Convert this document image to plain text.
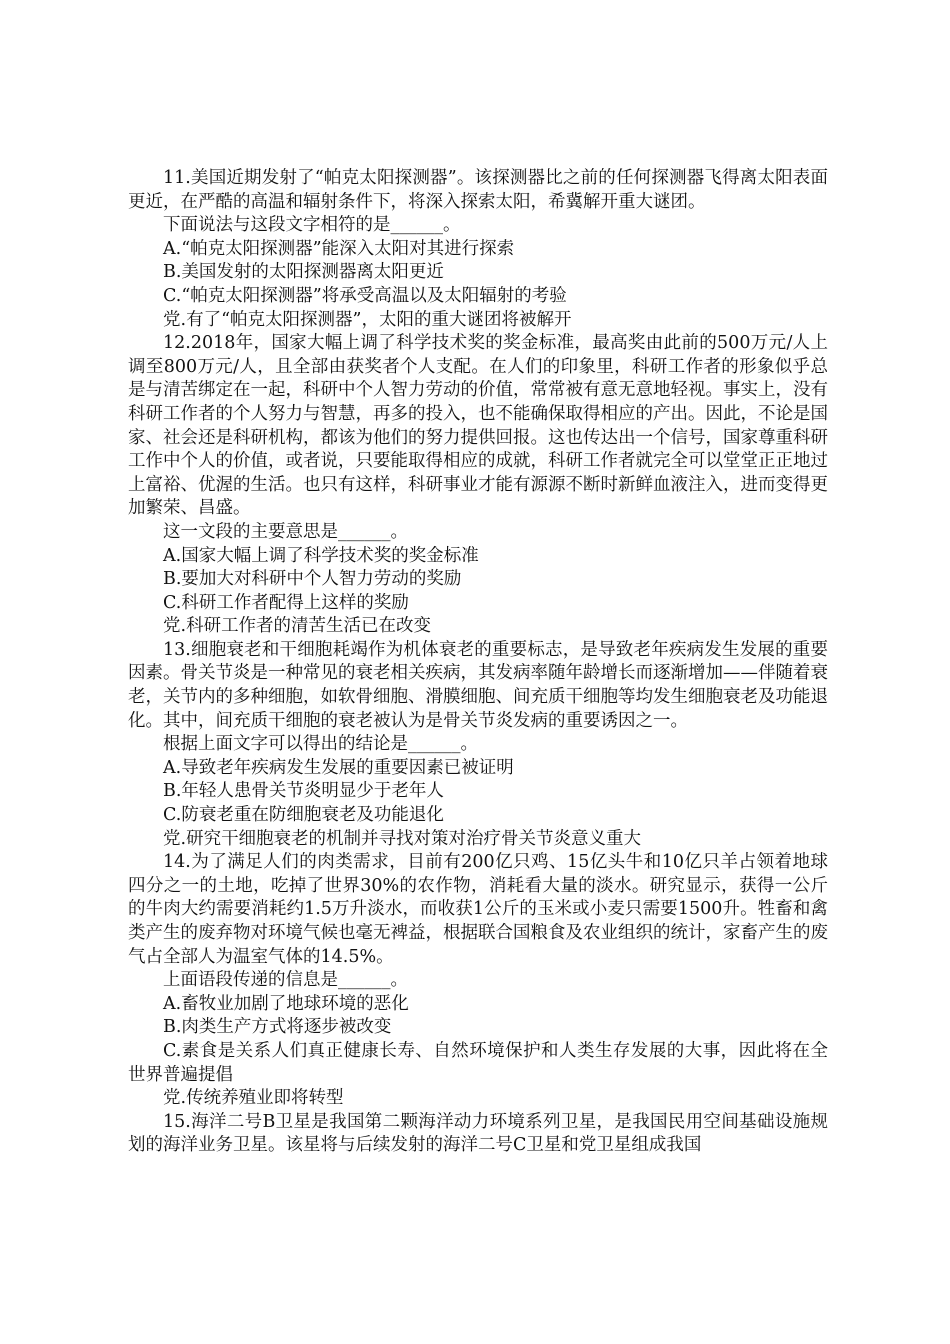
11.美国近期发射了“帕克太阳探测器”。该探测器比之前的任何探测器飞得离太阳表面更近，在严酷的高温和辐射条件下，将深入探索太阳，希冀解开重大谜团。

下面说法与这段文字相符的是______。

A.“帕克太阳探测器”能深入太阳对其进行探索

B.美国发射的太阳探测器离太阳更近

C.“帕克太阳探测器”将承受高温以及太阳辐射的考验

党.有了“帕克太阳探测器”，太阳的重大谜团将被解开

12.2018年，国家大幅上调了科学技术奖的奖金标准，最高奖由此前的500万元/人上调至800万元/人，且全部由获奖者个人支配。在人们的印象里，科研工作者的形象似乎总是与清苦绑定在一起，科研中个人智力劳动的价值，常常被有意无意地轻视。事实上，没有科研工作者的个人努力与智慧，再多的投入，也不能确保取得相应的产出。因此，不论是国家、社会还是科研机构，都该为他们的努力提供回报。这也传达出一个信号，国家尊重科研工作中个人的价值，或者说，只要能取得相应的成就，科研工作者就完全可以堂堂正正地过上富裕、优渥的生活。也只有这样，科研事业才能有源源不断时新鲜血液注入，进而变得更加繁荣、昌盛。

这一文段的主要意思是______。

A.国家大幅上调了科学技术奖的奖金标准

B.要加大对科研中个人智力劳动的奖励

C.科研工作者配得上这样的奖励

党.科研工作者的清苦生活已在改变

13.细胞衰老和干细胞耗竭作为机体衰老的重要标志，是导致老年疾病发生发展的重要因素。骨关节炎是一种常见的衰老相关疾病，其发病率随年龄增长而逐渐增加——伴随着衰老，关节内的多种细胞，如软骨细胞、滑膜细胞、间充质干细胞等均发生细胞衰老及功能退化。其中，间充质干细胞的衰老被认为是骨关节炎发病的重要诱因之一。

根据上面文字可以得出的结论是______。

A.导致老年疾病发生发展的重要因素已被证明

B.年轻人患骨关节炎明显少于老年人

C.防衰老重在防细胞衰老及功能退化

党.研究干细胞衰老的机制并寻找对策对治疗骨关节炎意义重大

14.为了满足人们的肉类需求，目前有200亿只鸡、15亿头牛和10亿只羊占领着地球四分之一的土地，吃掉了世界30%的农作物，消耗看大量的淡水。研究显示，获得一公斤的牛肉大约需要消耗约1.5万升淡水，而收获1公斤的玉米或小麦只需要1500升。牲畜和禽类产生的废弃物对环境气候也毫无裨益，根据联合国粮食及农业组织的统计，家畜产生的废气占全部人为温室气体的14.5%。

上面语段传递的信息是______。

A.畜牧业加剧了地球环境的恶化

B.肉类生产方式将逐步被改变

C.素食是关系人们真正健康长寿、自然环境保护和人类生存发展的大事，因此将在全世界普遍提倡

党.传统养殖业即将转型

15.海洋二号B卫星是我国第二颗海洋动力环境系列卫星，是我国民用空间基础设施规划的海洋业务卫星。该星将与后续发射的海洋二号C卫星和党卫星组成我国
